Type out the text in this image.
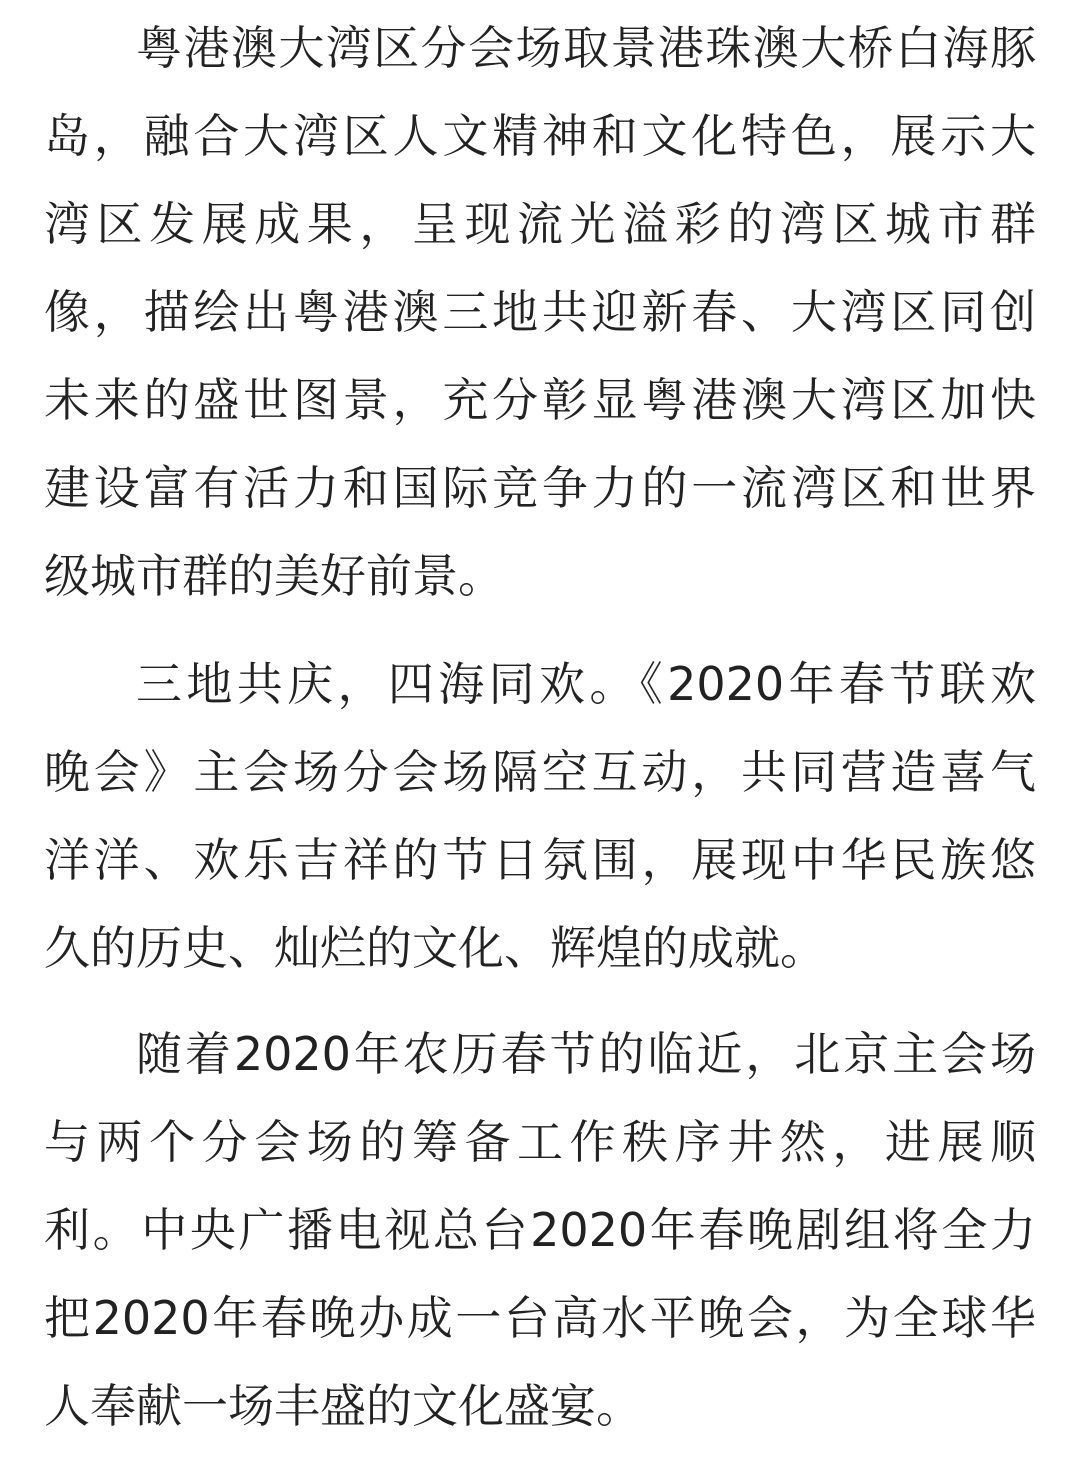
粤港澳大湾区分会场取景港珠澳大桥白海豚
岛，融合大湾区人文精神和文化特色，展示大
湾区发展成果，呈现流光溢彩的湾区城市群
像，描绘出粤港澳三地共迎新春、大湾区同创
未来的盛世图景，充分彰显粤港澳大湾区加快
建设富有活力和国际竞争力的一流湾区和世界
级城市群的美好前景。
三地共庆，四海同欢。《2020年春节联欢
晚会》主会场分会场隔空互动，共同营造喜气
洋洋、欢乐吉祥的节日氛围，展现中华民族悠
久的历史、灿烂的文化、辉煌的成就。
随着2020年农历春节的临近，北京主会场
与两个分会场的筹备工作秩序井然，进展顺
利。中央广播电视总台2020年春晚剧组将全力
把2020年春晚办成一台高水平晚会，为全球华
人奉献一场丰盛的文化盛宴。
